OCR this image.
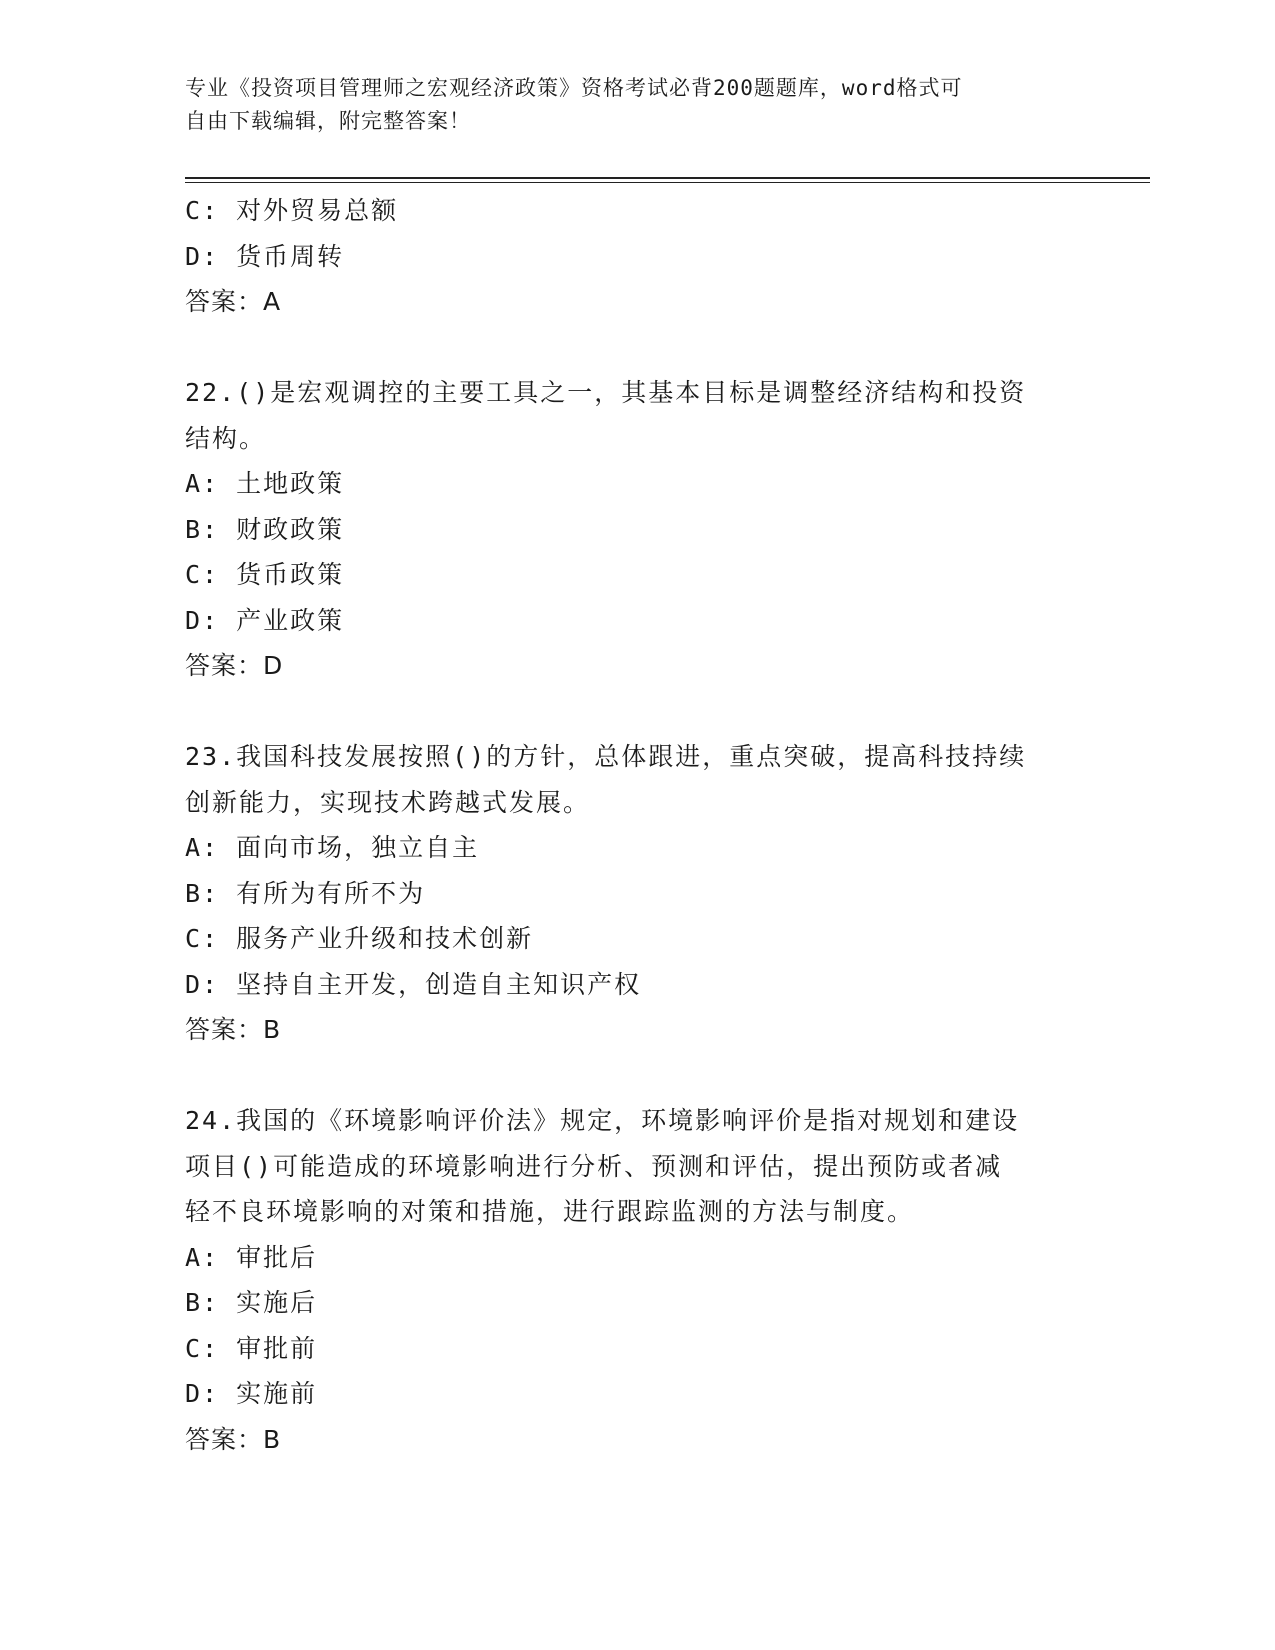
专业《投资项目管理师之宏观经济政策》资格考试必背200题题库，word格式可
自由下载编辑，附完整答案！
C: 对外贸易总额
D: 货币周转
答案：A
22.()是宏观调控的主要工具之一，其基本目标是调整经济结构和投资
结构。
A: 土地政策
B: 财政政策
C: 货币政策
D: 产业政策
答案：D
23.我国科技发展按照()的方针，总体跟进，重点突破，提高科技持续
创新能力，实现技术跨越式发展。
A: 面向市场，独立自主
B: 有所为有所不为
C: 服务产业升级和技术创新
D: 坚持自主开发，创造自主知识产权
答案：B
24.我国的《环境影响评价法》规定，环境影响评价是指对规划和建设
项目()可能造成的环境影响进行分析、预测和评估，提出预防或者减
轻不良环境影响的对策和措施，进行跟踪监测的方法与制度。
A: 审批后
B: 实施后
C: 审批前
D: 实施前
答案：B
